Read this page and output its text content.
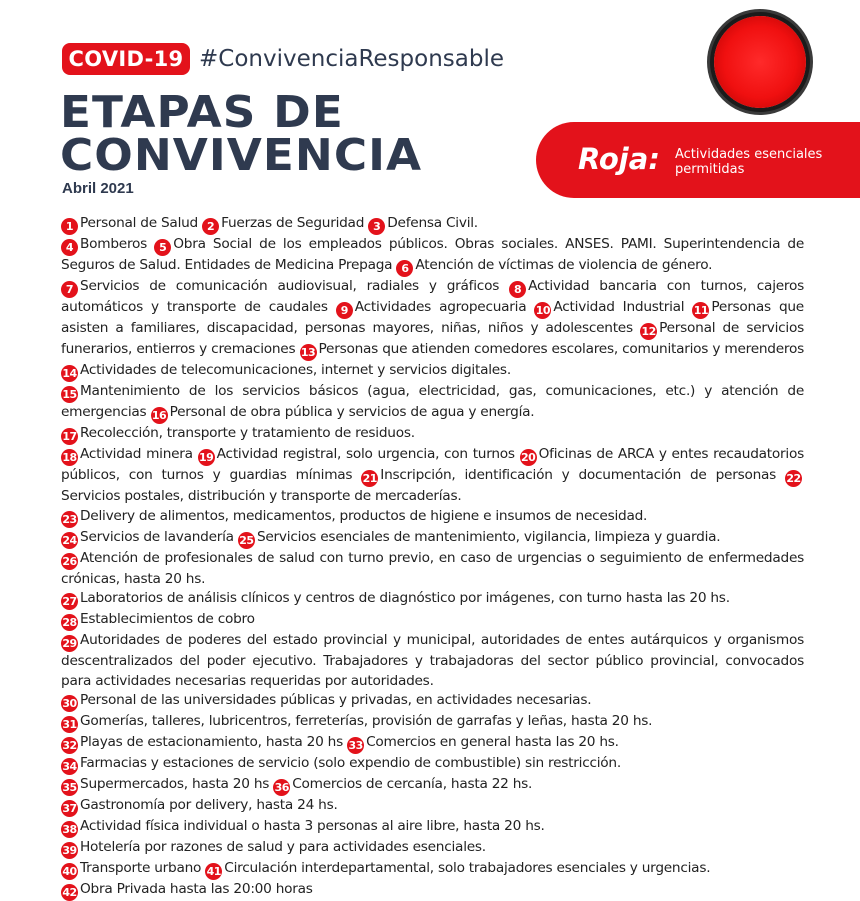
COVID-19 #ConvivenciaResponsable
ETAPAS DE
CONVIVENCIA
Abril 2021
Roja: Actividades esenciales permitidas

1 Personal de Salud 2 Fuerzas de Seguridad 3 Defensa Civil.

4 Bomberos 5 Obra Social de los empleados públicos. Obras sociales. ANSES. PAMI. Superintendencia de Seguros de Salud. Entidades de Medicina Prepaga 6 Atención de víctimas de violencia de género.

7 Servicios de comunicación audiovisual, radiales y gráficos 8 Actividad bancaria con turnos, cajeros automáticos y transporte de caudales 9 Actividades agropecuaria 10 Actividad Industrial 11 Personas que asisten a familiares, discapacidad, personas mayores, niñas, niños y adolescentes 12 Personal de servicios funerarios, entierros y cremaciones 13 Personas que atienden comedores escolares, comunitarios y merenderos 14 Actividades de telecomunicaciones, internet y servicios digitales.

15 Mantenimiento de los servicios básicos (agua, electricidad, gas, comunicaciones, etc.) y atención de emergencias 16 Personal de obra pública y servicios de agua y energía.

17 Recolección, transporte y tratamiento de residuos.

18 Actividad minera 19 Actividad registral, solo urgencia, con turnos 20 Oficinas de ARCA y entes recaudatorios públicos, con turnos y guardias mínimas 21 Inscripción, identificación y documentación de personas 22Servicios postales, distribución y transporte de mercaderías.

23 Delivery de alimentos, medicamentos, productos de higiene e insumos de necesidad.

24 Servicios de lavandería 25 Servicios esenciales de mantenimiento, vigilancia, limpieza y guardia.

26 Atención de profesionales de salud con turno previo, en caso de urgencias o seguimiento de enfermedades crónicas, hasta 20 hs.

27 Laboratorios de análisis clínicos y centros de diagnóstico por imágenes, con turno hasta las 20 hs.

28 Establecimientos de cobro

29 Autoridades de poderes del estado provincial y municipal, autoridades de entes autárquicos y organismos descentralizados del poder ejecutivo. Trabajadores y trabajadoras del sector público provincial, convocados para actividades necesarias requeridas por autoridades.

30 Personal de las universidades públicas y privadas, en actividades necesarias.

31 Gomerías, talleres, lubricentros, ferreterías, provisión de garrafas y leñas, hasta 20 hs.

32 Playas de estacionamiento, hasta 20 hs 33 Comercios en general hasta las 20 hs.

34 Farmacias y estaciones de servicio (solo expendio de combustible) sin restricción.

35 Supermercados, hasta 20 hs 36 Comercios de cercanía, hasta 22 hs.

37 Gastronomía por delivery, hasta 24 hs.

38 Actividad física individual o hasta 3 personas al aire libre, hasta 20 hs.

39 Hotelería por razones de salud y para actividades esenciales.

40 Transporte urbano 41 Circulación interdepartamental, solo trabajadores esenciales y urgencias.

42 Obra Privada hasta las 20:00 horas
